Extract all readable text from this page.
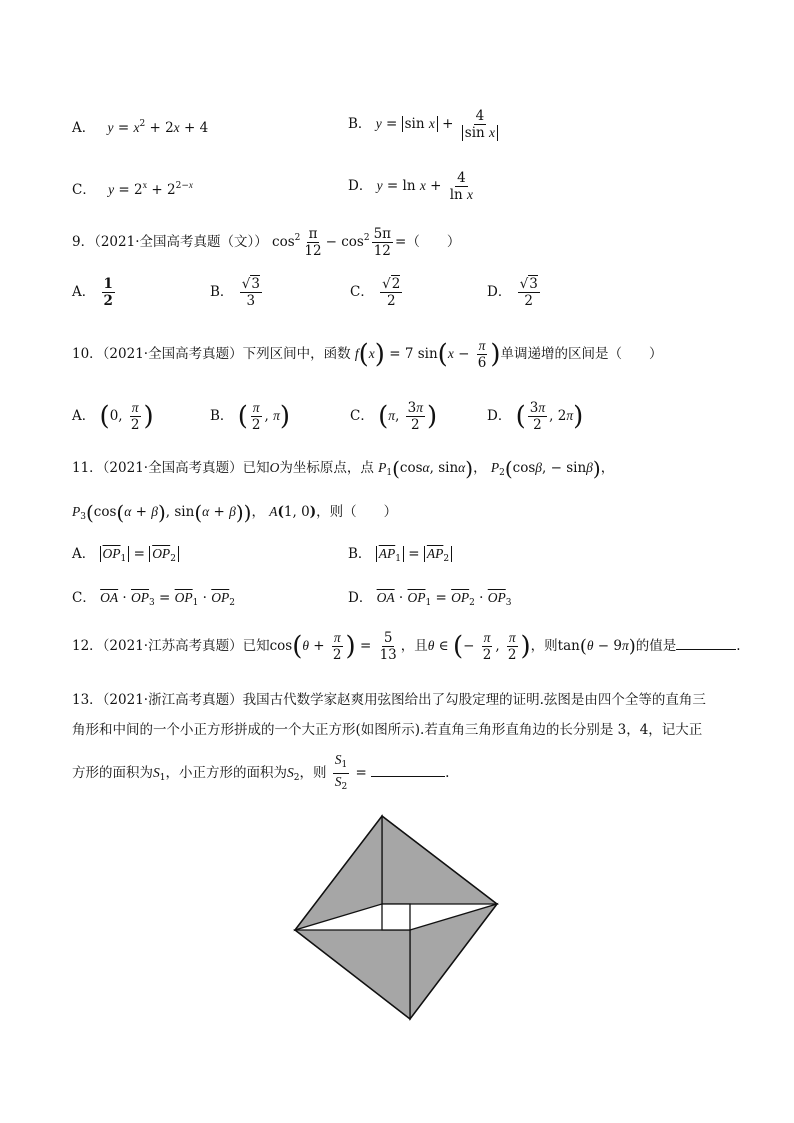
A． $y = x^2 + 2x + 4$	B． $y = \sin x + \frac{4}{\text{sin x}}$
C． $y = 2^x + 2^{2-x}$	D． $y = \ln x + \frac{4}{\text{ln x}}$
9．（2021·全国高考真题（文）） $\cos^2 \frac{\pi}{12} - \cos^2 \frac{5\pi}{12}$ =（　　）
A． $\frac{1}{2}$	B． $\frac{√3}{3}$	C． $\frac{√2}{2}$	D． $\frac{√3}{2}$
10．（2021·全国高考真题）下列区间中，函数 f(x) = 7 $\sin(x - \frac{\pi}{6}$ )单调递增的区间是（　　）
A． (0, $\frac{\pi}{2}$ )	B． ( $\frac{\pi}{2}$ , π)	C． (π, $\frac{3\pi}{2}$ )	D． ( $\frac{3\pi}{2}$ , 2π)
11．（2021·全国高考真题）已知O为坐标原点，点 $P_1(\cos\alpha$, sinα)， $P_2(\cos\beta$, − sinβ)，
$P_3(\cos(\alpha + \beta)$, sin(α + β))， A(1, 0)，则（　　）
A． $\overline{OP}_1 = \overline{OP}_2$	B． $\overline{AP}_1 = \overline{AP}_2$
C． $\overline{OA} \cdot \overline{OP}_3 = \overline{OP}_1 \cdot \overline{OP}_2$	D． $\overline{OA} \cdot \overline{OP}_1 = \overline{OP}_2 \cdot \overline{OP}_3$
12．（2021·江苏高考真题）已知$\cos(\theta + \frac{\pi}{2}$ ) = $\frac{5}{13}$ ，且θ ∈ (− $\frac{\pi}{2}$ , $\frac{\pi}{2}$ )，则tan(θ − 9π)的值是	.
13．（2021·浙江高考真题）我国古代数学家赵爽用弦图给出了勾股定理的证明.弦图是由四个全等的直角三
角形和中间的一个小正方形拼成的一个大正方形(如图所示).若直角三角形直角边的长分别是 3，4，记大正
方形的面积为$S_1$，小正方形的面积为$S_2$，则 $\frac{S_1}{S_2}$ =	.
